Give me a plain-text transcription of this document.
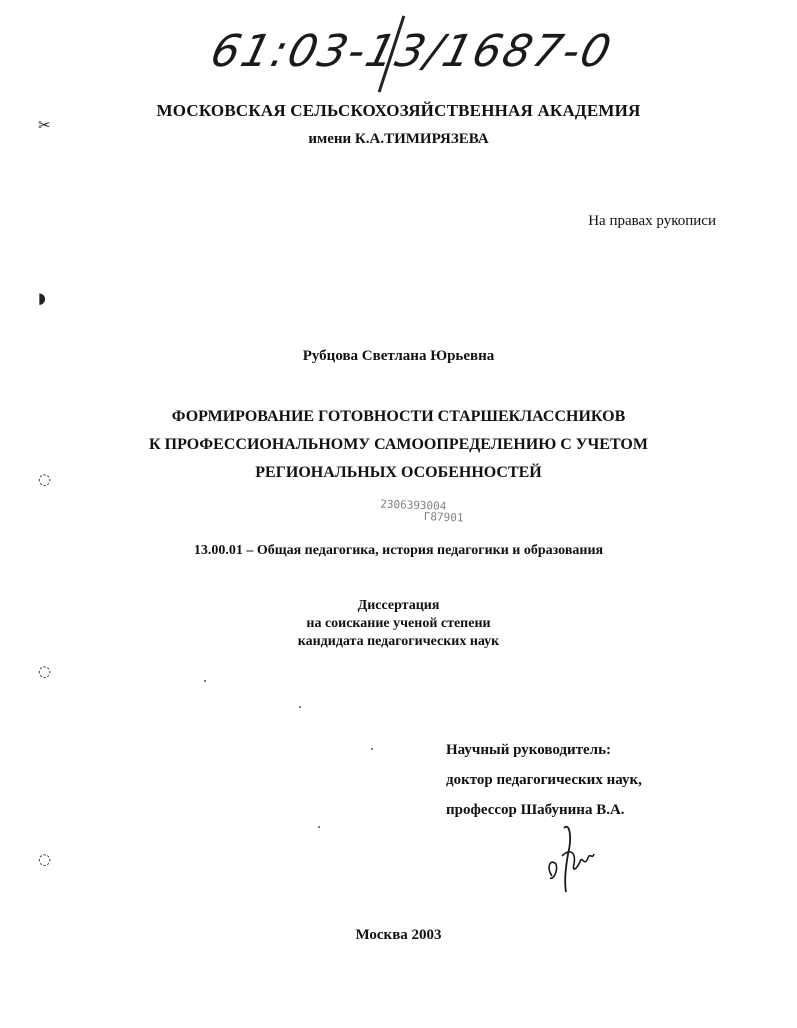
✂
◗
◌
◌
◌
61:03-13/1687-0
МОСКОВСКАЯ СЕЛЬСКОХОЗЯЙСТВЕННАЯ АКАДЕМИЯ
имени К.А.ТИМИРЯЗЕВА
На правах рукописи
Рубцова Светлана Юрьевна
ФОРМИРОВАНИЕ ГОТОВНОСТИ СТАРШЕКЛАССНИКОВ
К ПРОФЕССИОНАЛЬНОМУ САМООПРЕДЕЛЕНИЮ С УЧЕТОМ
РЕГИОНАЛЬНЫХ ОСОБЕННОСТЕЙ
2306393004
Г87901
13.00.01 – Общая педагогика, история педагогики и образования
Диссертация
на соискание ученой степени
кандидата педагогических наук
Научный руководитель:
доктор педагогических наук,
профессор Шабунина В.А.
Москва 2003
